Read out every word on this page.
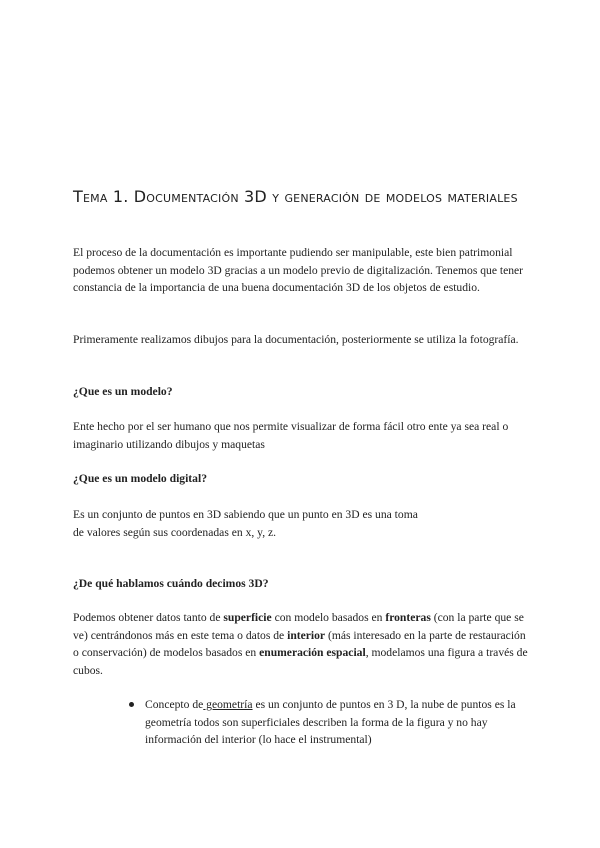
Tema 1. Documentación 3D y generación de modelos materiales

El proceso de la documentación es importante pudiendo ser manipulable, este bien patrimonial podemos obtener un modelo 3D gracias a un modelo previo de digitalización. Tenemos que tener constancia de la importancia de una buena documentación 3D de los objetos de estudio.

Primeramente realizamos dibujos para la documentación, posteriormente se utiliza la fotografía.

¿Que es un modelo?

Ente hecho por el ser humano que nos permite visualizar de forma fácil otro ente ya sea real o imaginario utilizando dibujos y maquetas

¿Que es un modelo digital?

Es un conjunto de puntos en 3D sabiendo que un punto en 3D es una toma
de valores según sus coordenadas en x, y, z.

¿De qué hablamos cuándo decimos 3D?

Podemos obtener datos tanto de superficie con modelo basados en fronteras (con la parte que se ve) centrándonos más en este tema o datos de interior (más interesado en la parte de restauración o conservación) de modelos basados en enumeración espacial, modelamos una figura a través de cubos.

Concepto de geometría es un conjunto de puntos en 3 D, la nube de puntos es la geometría todos son superficiales describen la forma de la figura y no hay información del interior (lo hace el instrumental)
